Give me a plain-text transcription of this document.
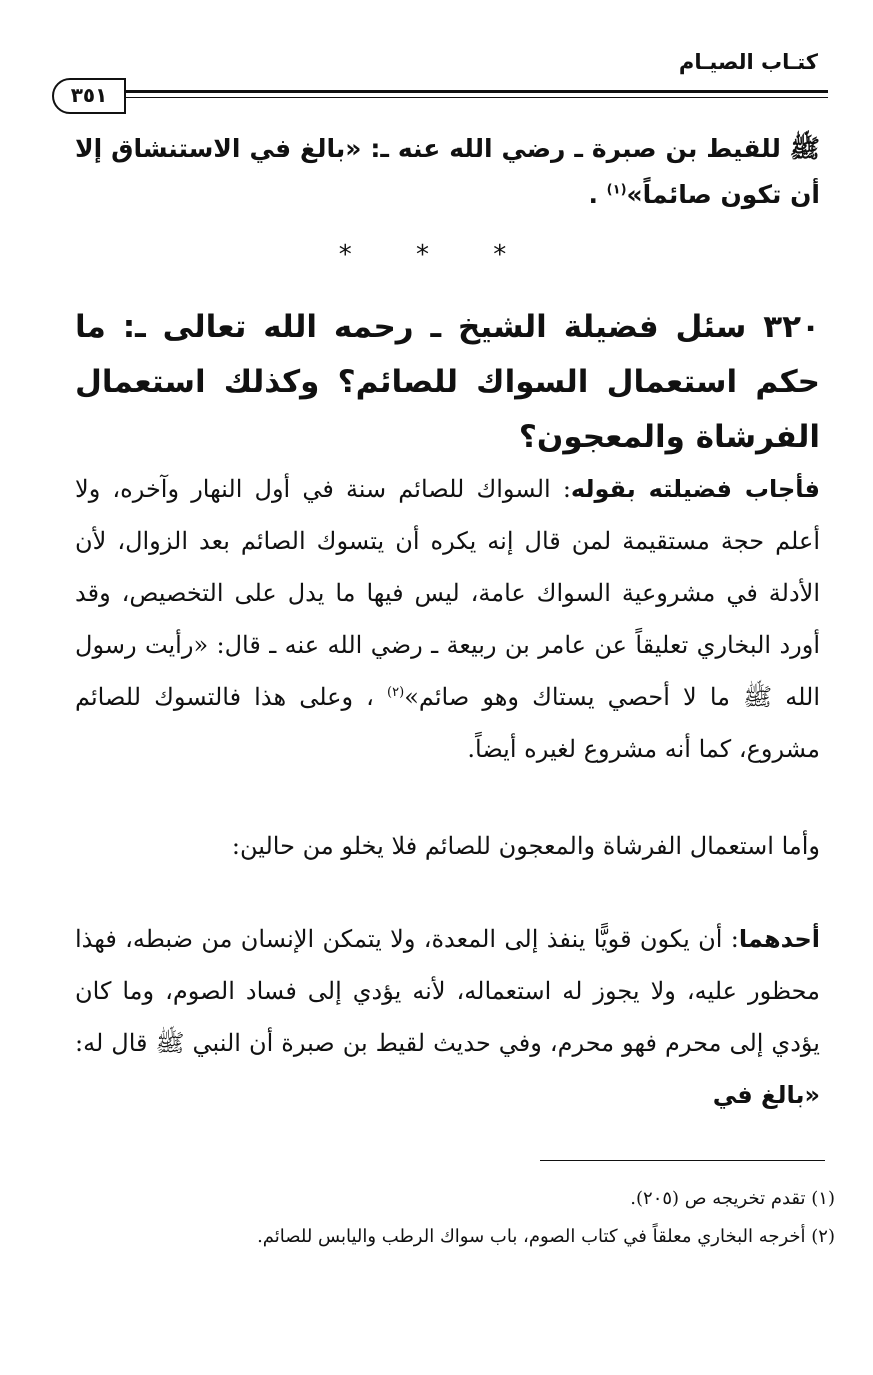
كتـاب الصيـام
٣٥١
ﷺ للقيط بن صبرة ـ رضي الله عنه ـ: «بالغ في الاستنشاق إلا أن تكون صائماً»$^{(١)}$ .
* * *
٣٢٠ سئل فضيلة الشيخ ـ رحمه الله تعالى ـ: ما حكم استعمال السواك للصائم؟ وكذلك استعمال الفرشاة والمعجون؟
فأجاب فضيلته بقوله: السواك للصائم سنة في أول النهار وآخره، ولا أعلم حجة مستقيمة لمن قال إنه يكره أن يتسوك الصائم بعد الزوال، لأن الأدلة في مشروعية السواك عامة، ليس فيها ما يدل على التخصيص، وقد أورد البخاري تعليقاً عن عامر بن ربيعة ـ رضي الله عنه ـ قال: «رأيت رسول الله ﷺ ما لا أحصي يستاك وهو صائم»$^{(٢)}$ ، وعلى هذا فالتسوك للصائم مشروع، كما أنه مشروع لغيره أيضاً.
وأما استعمال الفرشاة والمعجون للصائم فلا يخلو من حالين:
أحدهما: أن يكون قويًّا ينفذ إلى المعدة، ولا يتمكن الإنسان من ضبطه، فهذا محظور عليه، ولا يجوز له استعماله، لأنه يؤدي إلى فساد الصوم، وما كان يؤدي إلى محرم فهو محرم، وفي حديث لقيط بن صبرة أن النبي ﷺ قال له: «بالغ في

(١) تقدم تخريجه ص (٢٠٥).

(٢) أخرجه البخاري معلقاً في كتاب الصوم، باب سواك الرطب واليابس للصائم.
